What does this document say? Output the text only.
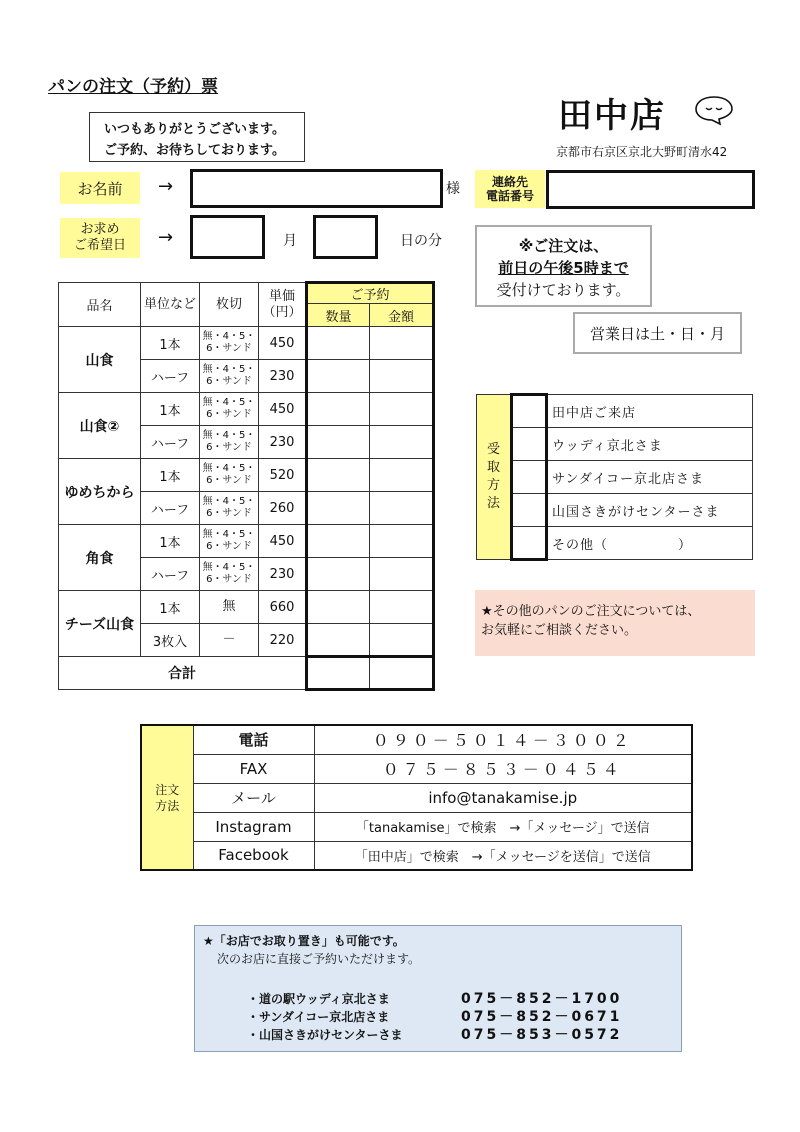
パンの注文（予約）票
いつもありがとうございます。
ご予約、お待ちしております。
田中店
京都市右京区京北大野町清水42
お名前	→	様	連絡先
電話番号
お求め
ご希望日 →	月	日の分	※ご注文は、
前日の午後5時まで
受付けております。
営業日は土・日・月
品名	単位など	枚切	単価（円）	ご予約	
				数量	金額
山食	1本	無・4・5・6・サンド	450		
	ハーフ	無・4・5・6・サンド	230		
山食②	1本	無・4・5・6・サンド	450		
	ハーフ	無・4・5・6・サンド	230		
ゆめちから	1本	無・4・5・6・サンド	520		
	ハーフ	無・4・5・6・サンド	260		
角食	1本	無・4・5・6・サンド	450		
	ハーフ	無・4・5・6・サンド	230		
チーズ山食	1本	無	660		
	3枚入	－	220		
合計					
受取方法		田中店ご来店
		ウッディ京北さま
		サンダイコー京北店さま
		山国さきがけセンターさま
		その他（　　　　　）
★その他のパンのご注文については、
お気軽にご相談ください。
注文方法	電話	０９０－５０１４－３００２
	FAX	０７５－８５３－０４５４
	メール	info@tanakamise.jp
	Instagram	「tanakamise」で検索　→「メッセージ」で送信
	Facebook	「田中店」で検索　→「メッセージを送信」で送信
★「お店でお取り置き」も可能です。
次のお店に直接ご予約いただけます。
・道の駅ウッディ京北さま	075－852－1700
・サンダイコー京北店さま	075－852－0671
・山国さきがけセンターさま	075－853－0572
